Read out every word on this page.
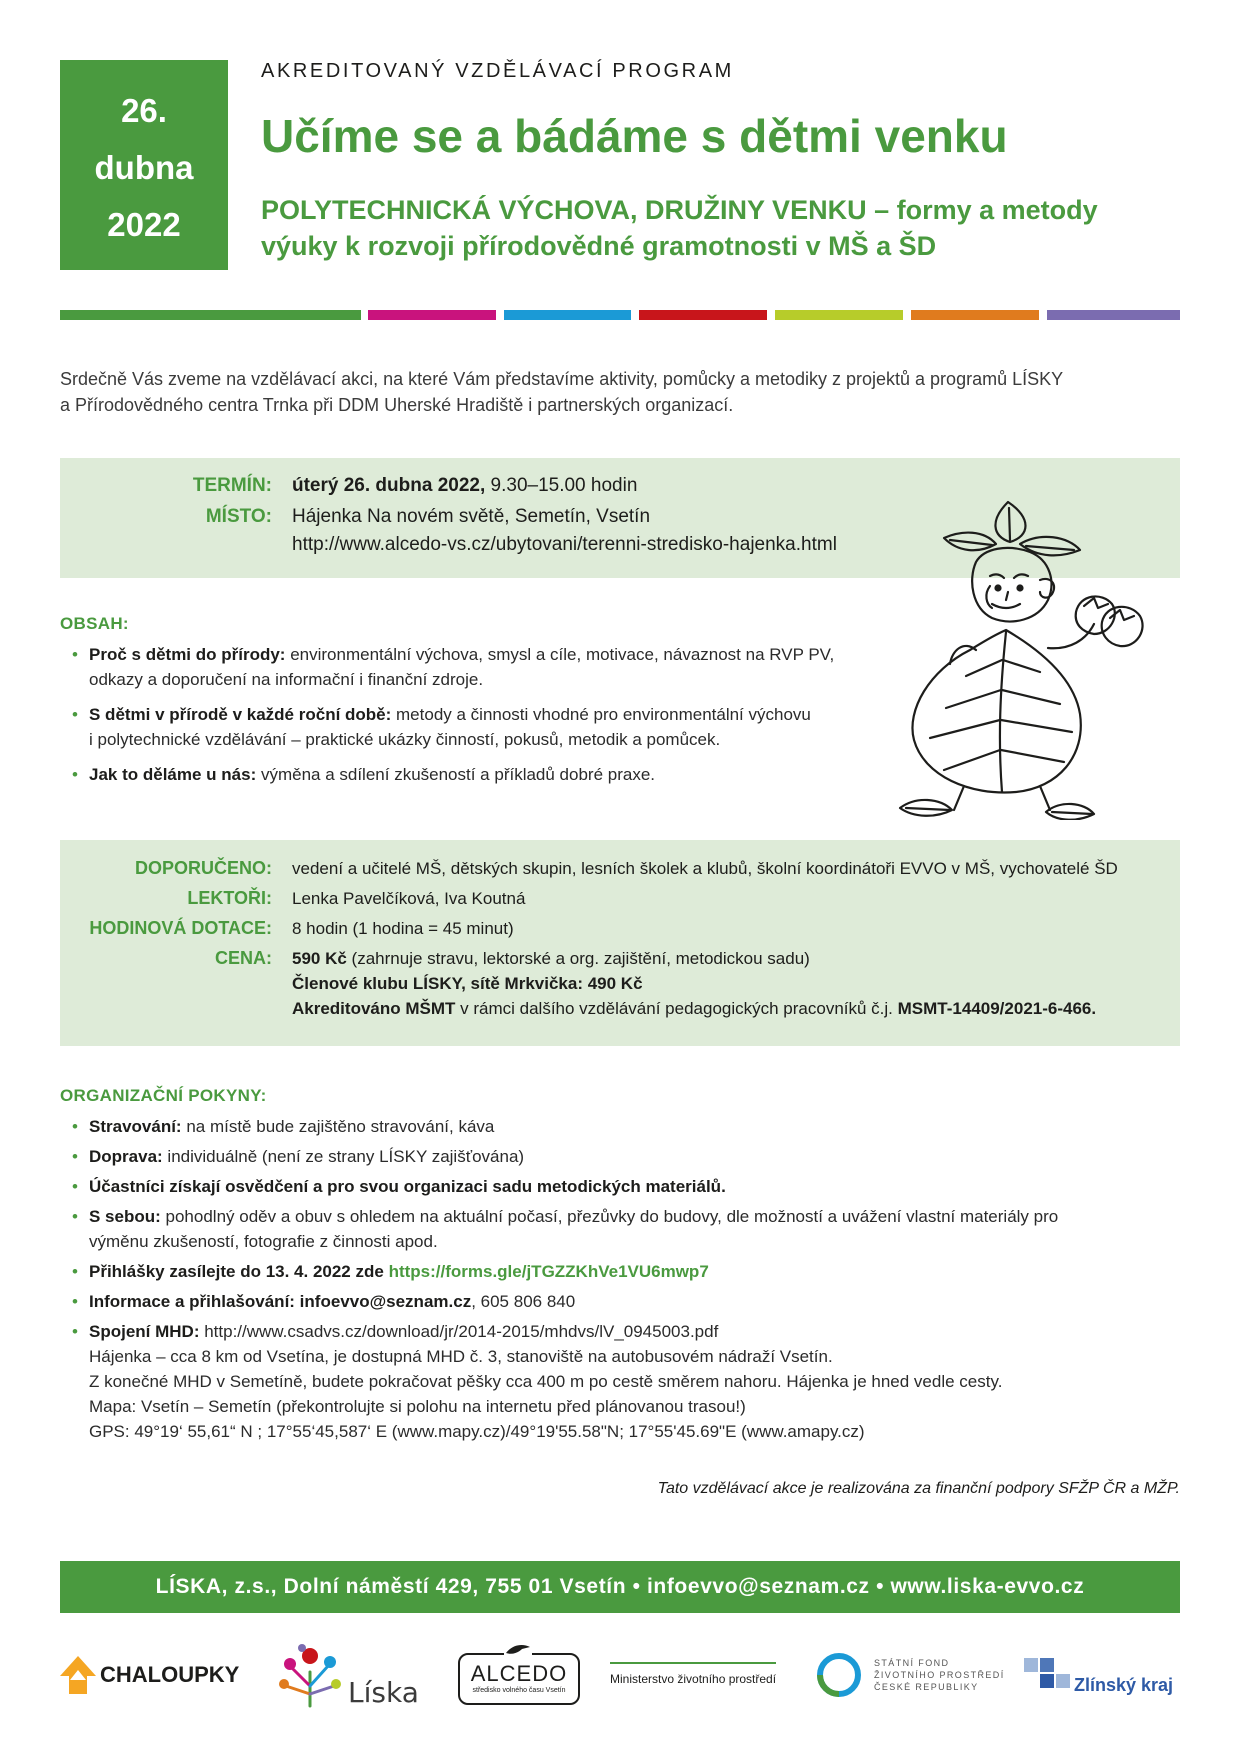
26.
dubna
2022
AKREDITOVANÝ VZDĚLÁVACÍ PROGRAM
Učíme se a bádáme s dětmi venku
POLYTECHNICKÁ VÝCHOVA, DRUŽINY VENKU – formy a metody
výuky k rozvoji přírodovědné gramotnosti v MŠ a ŠD
Srdečně Vás zveme na vzdělávací akci, na které Vám představíme aktivity, pomůcky a metodiky z projektů a programů LÍSKY
a Přírodovědného centra Trnka při DDM Uherské Hradiště i partnerských organizací.
TERMÍN: úterý 26. dubna 2022, 9.30–15.00 hodin
MÍSTO: Hájenka Na novém světě, Semetín, Vsetín
http://www.alcedo-vs.cz/ubytovani/terenni-stredisko-hajenka.html
OBSAH:
• Proč s dětmi do přírody: environmentální výchova, smysl a cíle, motivace, návaznost na RVP PV,
odkazy a doporučení na informační i finanční zdroje.
• S dětmi v přírodě v každé roční době: metody a činnosti vhodné pro environmentální výchovu
i polytechnické vzdělávání – praktické ukázky činností, pokusů, metodik a pomůcek.
• Jak to děláme u nás: výměna a sdílení zkušeností a příkladů dobré praxe.
DOPORUČENO: vedení a učitelé MŠ, dětských skupin, lesních školek a klubů, školní koordinátoři EVVO v MŠ, vychovatelé ŠD
LEKTOŘI: Lenka Pavelčíková, Iva Koutná
HODINOVÁ DOTACE: 8 hodin (1 hodina = 45 minut)
CENA: 590 Kč (zahrnuje stravu, lektorské a org. zajištění, metodickou sadu)
Členové klubu LÍSKY, sítě Mrkvička: 490 Kč
Akreditováno MŠMT v rámci dalšího vzdělávání pedagogických pracovníků č.j. MSMT-14409/2021-6-466.
ORGANIZAČNÍ POKYNY:
• Stravování: na místě bude zajištěno stravování, káva
• Doprava: individuálně (není ze strany LÍSKY zajišťována)
• Účastníci získají osvědčení a pro svou organizaci sadu metodických materiálů.
• S sebou: pohodlný oděv a obuv s ohledem na aktuální počasí, přezůvky do budovy, dle možností a uvážení vlastní materiály pro
výměnu zkušeností, fotografie z činnosti apod.
• Přihlášky zasílejte do 13. 4. 2022 zde https://forms.gle/jTGZZKhVe1VU6mwp7
• Informace a přihlašování: infoevvo@seznam.cz, 605 806 840
• Spojení MHD: http://www.csadvs.cz/download/jr/2014-2015/mhdvs/lV_0945003.pdf
Hájenka – cca 8 km od Vsetína, je dostupná MHD č. 3, stanoviště na autobusovém nádraží Vsetín.
Z konečné MHD v Semetíně, budete pokračovat pěšky cca 400 m po cestě směrem nahoru. Hájenka je hned vedle cesty.
Mapa: Vsetín – Semetín (překontrolujte si polohu na internetu před plánovanou trasou!)
GPS: 49°19‘ 55,61“ N ; 17°55‘45,587‘ E (www.mapy.cz)/49°19'55.58"N; 17°55'45.69"E (www.amapy.cz)
Tato vzdělávací akce je realizována za finanční podpory SFŽP ČR a MŽP.
LÍSKA, z.s., Dolní náměstí 429, 755 01 Vsetín • infoevvo@seznam.cz • www.liska-evvo.cz
CHALOUPKY
Líska
ALCEDO
středisko volného času Vsetín
Ministerstvo životního prostředí
STÁTNÍ FOND
ŽIVOTNÍHO PROSTŘEDÍ
ČESKÉ REPUBLIKY	Zlínský kraj
